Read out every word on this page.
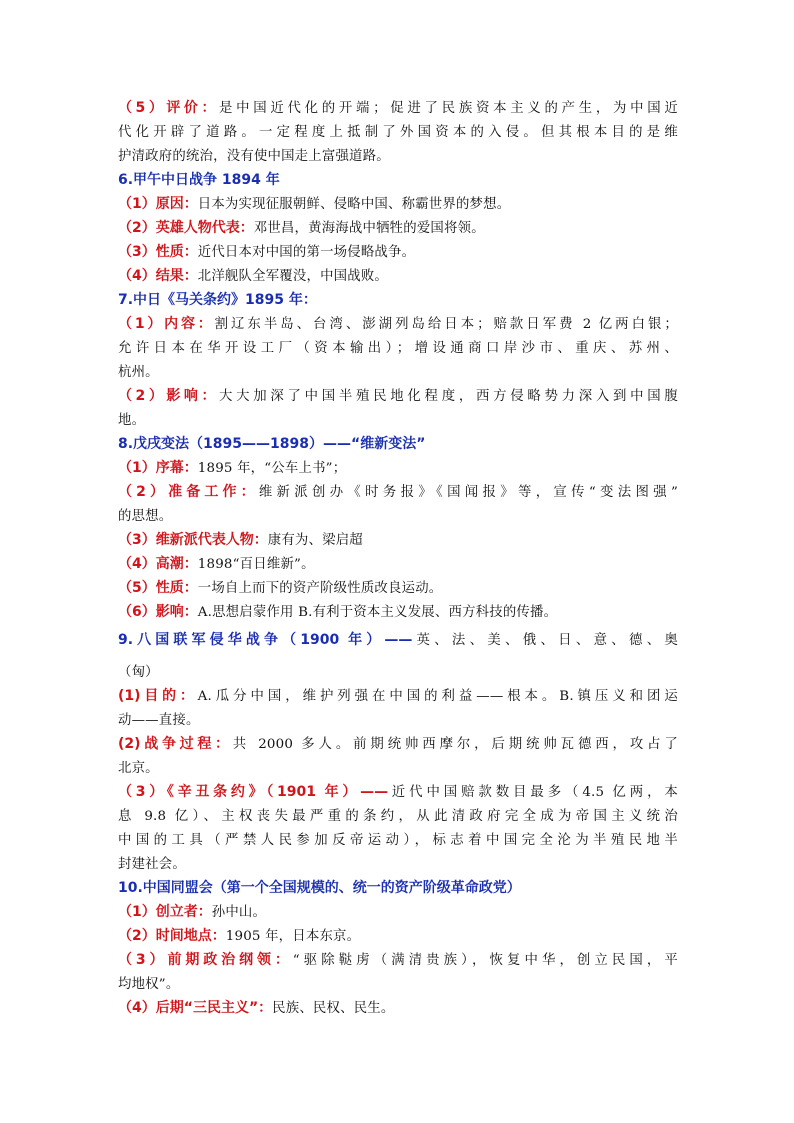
（5）评价：是中国近代化的开端；促进了民族资本主义的产生，为中国近
代化开辟了道路。一定程度上抵制了外国资本的入侵。但其根本目的是维
护清政府的统治，没有使中国走上富强道路。
6.甲午中日战争 1894 年
（1）原因：日本为实现征服朝鲜、侵略中国、称霸世界的梦想。
（2）英雄人物代表：邓世昌，黄海海战中牺牲的爱国将领。
（3）性质：近代日本对中国的第一场侵略战争。
（4）结果：北洋舰队全军覆没，中国战败。
7.中日《马关条约》1895 年：
（1）内容：割辽东半岛、台湾、澎湖列岛给日本；赔款日军费 2 亿两白银；
允许日本在华开设工厂（资本输出）；增设通商口岸沙市、重庆、苏州、
杭州。
（2）影响：大大加深了中国半殖民地化程度，西方侵略势力深入到中国腹
地。
8.戊戌变法（1895——1898）——“维新变法”
（1）序幕：1895 年，“公车上书”；
（2）准备工作：维新派创办《时务报》《国闻报》等，宣传“变法图强”
的思想。
（3）维新派代表人物：康有为、梁启超
（4）高潮：1898“百日维新”。
（5）性质：一场自上而下的资产阶级性质改良运动。
（6）影响：A.思想启蒙作用 B.有利于资本主义发展、西方科技的传播。
9.八国联军侵华战争（1900 年）——英、法、美、俄、日、意、德、奥
（匈）
(1)目的：A.瓜分中国，维护列强在中国的利益——根本。B.镇压义和团运
动——直接。
(2)战争过程：共 2000 多人。前期统帅西摩尔，后期统帅瓦德西，攻占了
北京。
（3）《辛丑条约》（1901 年）——近代中国赔款数目最多（4.5 亿两，本
息 9.8 亿）、主权丧失最严重的条约，从此清政府完全成为帝国主义统治
中国的工具（严禁人民参加反帝运动），标志着中国完全沦为半殖民地半
封建社会。
10.中国同盟会（第一个全国规模的、统一的资产阶级革命政党）
（1）创立者：孙中山。
（2）时间地点：1905 年，日本东京。
（3）前期政治纲领：“驱除鞑虏（满清贵族），恢复中华，创立民国，平
均地权”。
（4）后期“三民主义”：民族、民权、民生。
